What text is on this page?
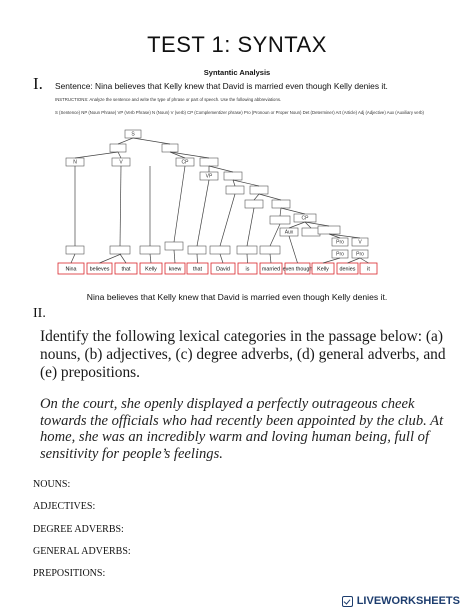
TEST 1: SYNTAX
I.
Syntantic Analysis
Sentence: Nina believes that Kelly knew that David is married even though Kelly denies it.
INSTRUCTIONS: Analyze the sentence and write the type of phrase or part of speech. Use the following abbreviations.
S (Sentence) NP (Noun Phrase) VP (Verb Phrase) N (Noun) V (verb) CP (Complementizer phrase) Pro (Pronoun or Proper Noun) Det (Determiner) Art (Article) Adj (Adjective) Aux (Auxiliary verb)
Nina believes that	Kelly knew that	David	is married even though Kelly denies it
S
N	V	CP
VP
CP
Aux
Pro	V
Pro Pro
Nina believes that Kelly knew that David is married even though Kelly denies it.
II.
Identify the following lexical categories in the passage below: (a) nouns, (b) adjectives, (c) degree adverbs, (d) general adverbs, and (e) prepositions.
On the court, she openly displayed a perfectly outrageous cheek towards the officials who had recently been appointed by the club. At home, she was an incredibly warm and loving human being, full of sensitivity for people’s feelings.
NOUNS:
ADJECTIVES:
DEGREE ADVERBS:
GENERAL ADVERBS:
PREPOSITIONS:
LIVEWORKSHEETS
